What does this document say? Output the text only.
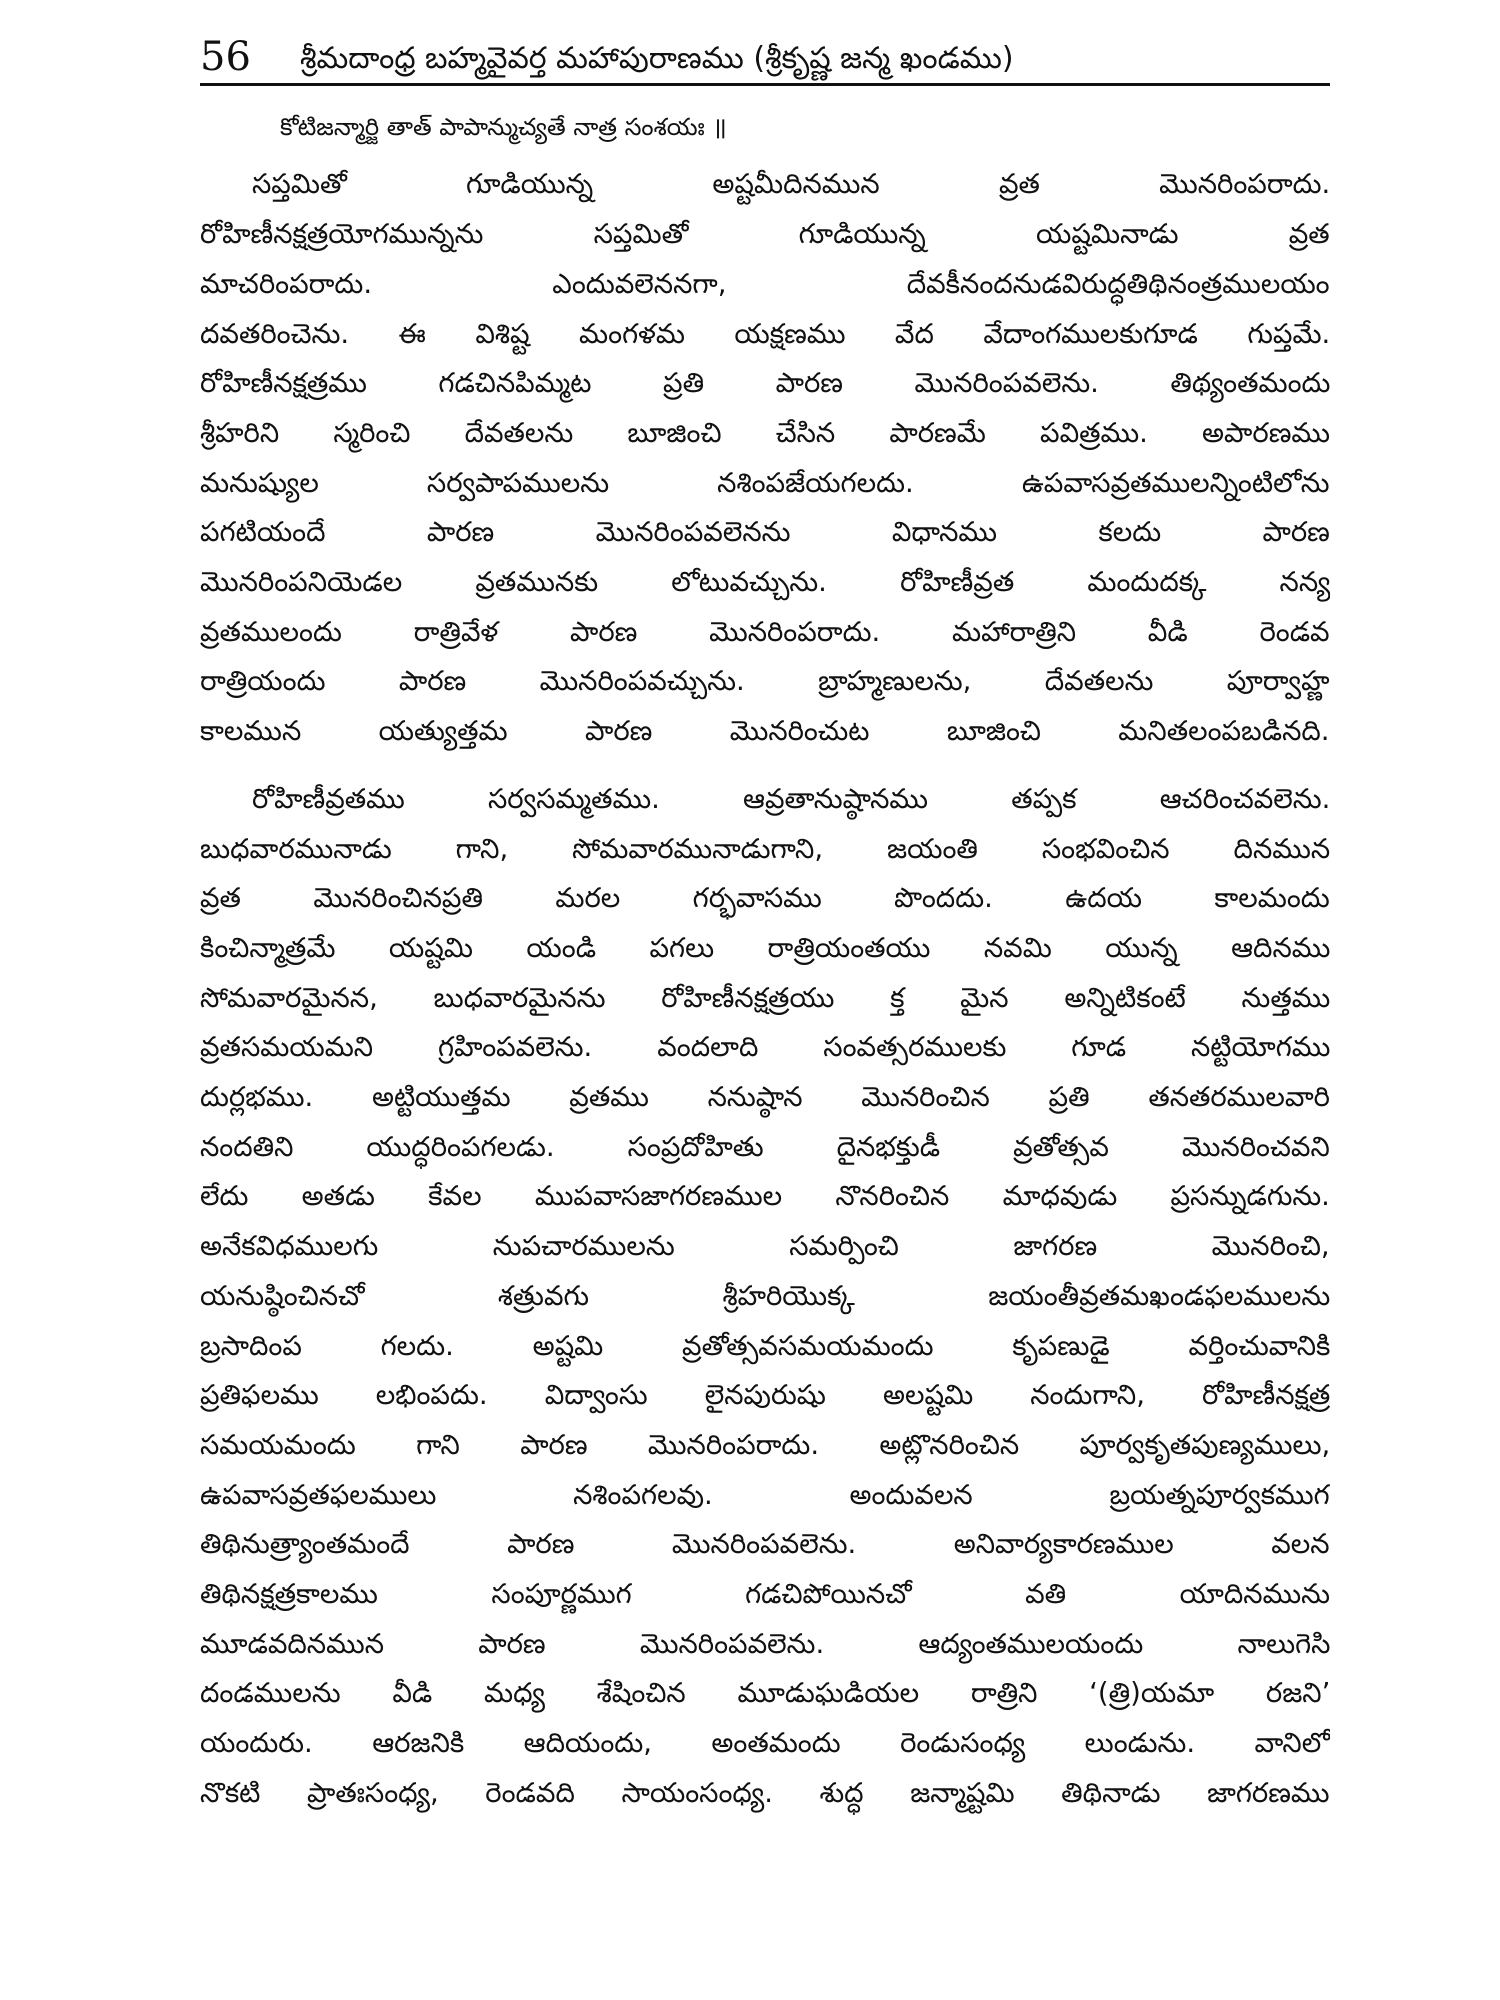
56	శ్రీమదాంధ్ర బహ్మవైవర్త మహాపురాణము (శ్రీకృష్ణ జన్మ ఖండము)
కోటిజన్మార్జి తాత్ పాపాన్ముచ్యతే నాత్ర సంశయః ॥

సప్తమితో గూడియున్న అష్టమీదినమున వ్రత మొనరింపరాదు.
రోహిణీనక్షత్రయోగమున్నను సప్తమితో గూడియున్న యష్టమినాడు వ్రత
మాచరింపరాదు. ఎందువలెననగా, దేవకీనందనుడవిరుద్ధతిథినంత్రములయం
దవతరించెను. ఈ విశిష్ట మంగళమ యక్షణము వేద వేదాంగములకుగూడ గుప్తమే.
రోహిణీనక్షత్రము గడచినపిమ్మట ప్రతి పారణ మొనరింపవలెను. తిథ్యంతమందు
శ్రీహరిని స్మరించి దేవతలను బూజించి చేసిన పారణమే పవిత్రము. అపారణము
మనుష్యుల సర్వపాపములను నశింపజేయగలదు. ఉపవాసవ్రతములన్నింటిలోను
పగటియందే పారణ మొనరింపవలెనను విధానము కలదు పారణ
మొనరింపనియెడల వ్రతమునకు లోటువచ్చును. రోహిణీవ్రత మందుదక్క నన్య
వ్రతములందు రాత్రివేళ పారణ మొనరింపరాదు. మహారాత్రిని వీడి రెండవ
రాత్రియందు పారణ మొనరింపవచ్చును. బ్రాహ్మణులను, దేవతలను పూర్వాహ్ణ
కాలమున యత్యుత్తమ పారణ మొనరించుట బూజించి మనితలంపబడినది.

రోహిణీవ్రతము సర్వసమ్మతము. ఆవ్రతానుష్ఠానము తప్పక ఆచరించవలెను.
బుధవారమునాడు గాని, సోమవారమునాడుగాని, జయంతి సంభవించిన దినమున
వ్రత మొనరించినప్రతి మరల గర్భవాసము పొందదు. ఉదయ కాలమందు
కించిన్మాత్రమే యష్టమి యండి పగలు రాత్రియంతయు నవమి యున్న ఆదినము
సోమవారమైనన, బుధవారమైనను రోహిణీనక్షత్రయు క్త మైన అన్నిటికంటే నుత్తము
వ్రతసమయమని గ్రహింపవలెను. వందలాది సంవత్సరములకు గూడ నట్టియోగము
దుర్లభము. అట్టియుత్తమ వ్రతము ననుష్ఠాన మొనరించిన ప్రతి తనతరములవారి
నందతిని యుద్ధరింపగలడు. సంప్రదోహితు దైనభక్తుడీ వ్రతోత్సవ మొనరించవని
లేదు అతడు కేవల ముపవాసజాగరణముల నొనరించిన మాధవుడు ప్రసన్నుడగును.
అనేకవిధములగు నుపచారములను సమర్పించి జాగరణ మొనరించి,
యనుష్ఠించినచో శత్రువగు శ్రీహరియొక్క జయంతీవ్రతమఖండఫలములను
బ్రసాదింప గలదు. అష్టమి వ్రతోత్సవసమయమందు కృపణుడై వర్తించువానికి
ప్రతిఫలము లభింపదు. విద్వాంసు లైనపురుషు అలష్టమి నందుగాని, రోహిణీనక్షత్ర
సమయమందు గాని పారణ మొనరింపరాదు. అట్లొనరించిన పూర్వకృతపుణ్యములు,
ఉపవాసవ్రతఫలములు నశింపగలవు. అందువలన బ్రయత్నపూర్వకముగ
తిథినుత్ర్యాంతమందే పారణ మొనరింపవలెను. అనివార్యకారణముల వలన
తిథినక్షత్రకాలము సంపూర్ణముగ గడచిపోయినచో వతి యాదినమును
మూడవదినమున పారణ మొనరింపవలెను. ఆద్యంతములయందు నాలుగెసి
దండములను వీడి మధ్య శేషించిన మూడుఘడియల రాత్రిని ‘(త్రి)యమా రజని’
యందురు. ఆరజనికి ఆదియందు, అంతమందు రెండుసంధ్య లుండును. వానిలో
నొకటి ప్రాతఃసంధ్య, రెండవది సాయంసంధ్య. శుద్ధ జన్మాష్టమి తిథినాడు జాగరణము
